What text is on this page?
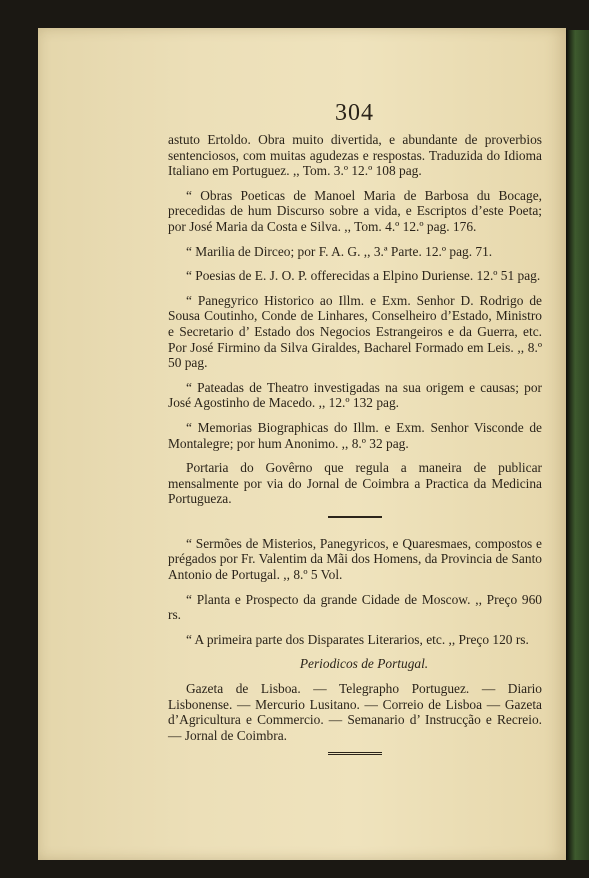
304

astuto Ertoldo. Obra muito divertida, e abundante de proverbios sentenciosos, com muitas agudezas e respostas. Traduzida do Idioma Italiano em Portuguez. ,, Tom. 3.º 12.º 108 pag.

“ Obras Poeticas de Manoel Maria de Barbosa du Bocage, precedidas de hum Discurso sobre a vida, e Escriptos d’este Poeta; por José Maria da Costa e Silva. ,, Tom. 4.º 12.º pag. 176.

“ Marilia de Dirceo; por F. A. G. ,, 3.ª Parte. 12.º pag. 71.

“ Poesias de E. J. O. P. offerecidas a Elpino Duriense. 12.º 51 pag.

“ Panegyrico Historico ao Illm. e Exm. Senhor D. Rodrigo de Sousa Coutinho, Conde de Linhares, Conselheiro d’Estado, Ministro e Secretario d’ Estado dos Negocios Estrangeiros e da Guerra, etc. Por José Firmino da Silva Giraldes, Bacharel Formado em Leis. ,, 8.º 50 pag.

“ Pateadas de Theatro investigadas na sua origem e causas; por José Agostinho de Macedo. ,, 12.º 132 pag.

“ Memorias Biographicas do Illm. e Exm. Senhor Visconde de Montalegre; por hum Anonimo. ,, 8.º 32 pag.

Portaria do Govêrno que regula a maneira de publicar mensalmente por via do Jornal de Coimbra a Practica da Medicina Portugueza.

“ Sermões de Misterios, Panegyricos, e Quaresmaes, compostos e prégados por Fr. Valentim da Mãi dos Homens, da Provincia de Santo Antonio de Portugal. ,, 8.º 5 Vol.

“ Planta e Prospecto da grande Cidade de Moscow. ,, Preço 960 rs.

“ A primeira parte dos Disparates Literarios, etc. ,, Preço 120 rs.

Periodicos de Portugal.

Gazeta de Lisboa. — Telegrapho Portuguez. — Diario Lisbonense. — Mercurio Lusitano. — Correio de Lisboa — Gazeta d’Agricultura e Commercio. — Semanario d’ Instrucção e Recreio. — Jornal de Coimbra.
